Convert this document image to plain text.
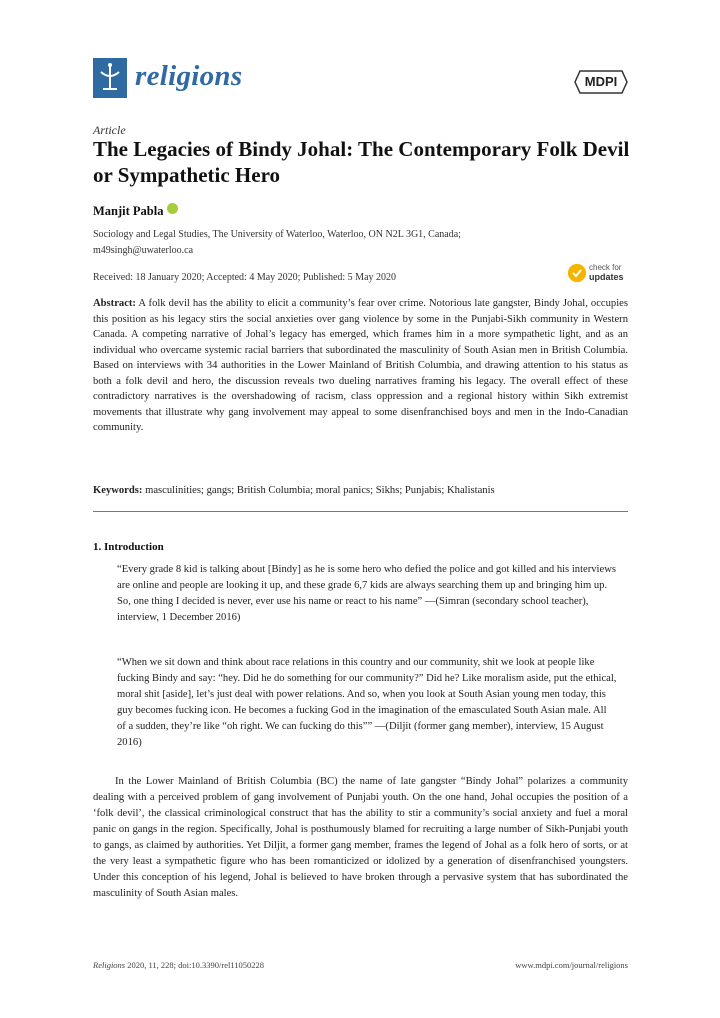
religions	MDPI
Article
The Legacies of Bindy Johal: The Contemporary Folk Devil or Sympathetic Hero
Manjit Pabla
Sociology and Legal Studies, The University of Waterloo, Waterloo, ON N2L 3G1, Canada;
m49singh@uwaterloo.ca
Received: 18 January 2020; Accepted: 4 May 2020; Published: 5 May 2020
check for
updates
Abstract: A folk devil has the ability to elicit a community’s fear over crime. Notorious late gangster, Bindy Johal, occupies this position as his legacy stirs the social anxieties over gang violence by some in the Punjabi-Sikh community in Western Canada. A competing narrative of Johal’s legacy has emerged, which frames him in a more sympathetic light, and as an individual who overcame systemic racial barriers that subordinated the masculinity of South Asian men in British Columbia. Based on interviews with 34 authorities in the Lower Mainland of British Columbia, and drawing attention to his status as both a folk devil and hero, the discussion reveals two dueling narratives framing his legacy. The overall effect of these contradictory narratives is the overshadowing of racism, class oppression and a regional history within Sikh extremist movements that illustrate why gang involvement may appeal to some disenfranchised boys and men in the Indo-Canadian community.
Keywords: masculinities; gangs; British Columbia; moral panics; Sikhs; Punjabis; Khalistanis
1. Introduction
“Every grade 8 kid is talking about [Bindy] as he is some hero who defied the police and got killed and his interviews are online and people are looking it up, and these grade 6,7 kids are always searching them up and bringing him up. So, one thing I decided is never, ever use his name or react to his name” —(Simran (secondary school teacher), interview, 1 December 2016)
“When we sit down and think about race relations in this country and our community, shit we look at people like fucking Bindy and say: “hey. Did he do something for our community?” Did he? Like moralism aside, put the ethical, moral shit [aside], let’s just deal with power relations. And so, when you look at South Asian young men today, this guy becomes fucking icon. He becomes a fucking God in the imagination of the emasculated South Asian male. All of a sudden, they’re like “oh right. We can fucking do this”” —(Diljit (former gang member), interview, 15 August 2016)
In the Lower Mainland of British Columbia (BC) the name of late gangster “Bindy Johal” polarizes a community dealing with a perceived problem of gang involvement of Punjabi youth. On the one hand, Johal occupies the position of a ‘folk devil’, the classical criminological construct that has the ability to stir a community’s social anxiety and fuel a moral panic on gangs in the region. Specifically, Johal is posthumously blamed for recruiting a large number of Sikh-Punjabi youth to gangs, as claimed by authorities. Yet Diljit, a former gang member, frames the legend of Johal as a folk hero of sorts, or at the very least a sympathetic figure who has been romanticized or idolized by a generation of disenfranchised youngsters. Under this conception of his legend, Johal is believed to have broken through a pervasive system that has subordinated the masculinity of South Asian males.
Religions 2020, 11, 228; doi:10.3390/rel11050228	www.mdpi.com/journal/religions
